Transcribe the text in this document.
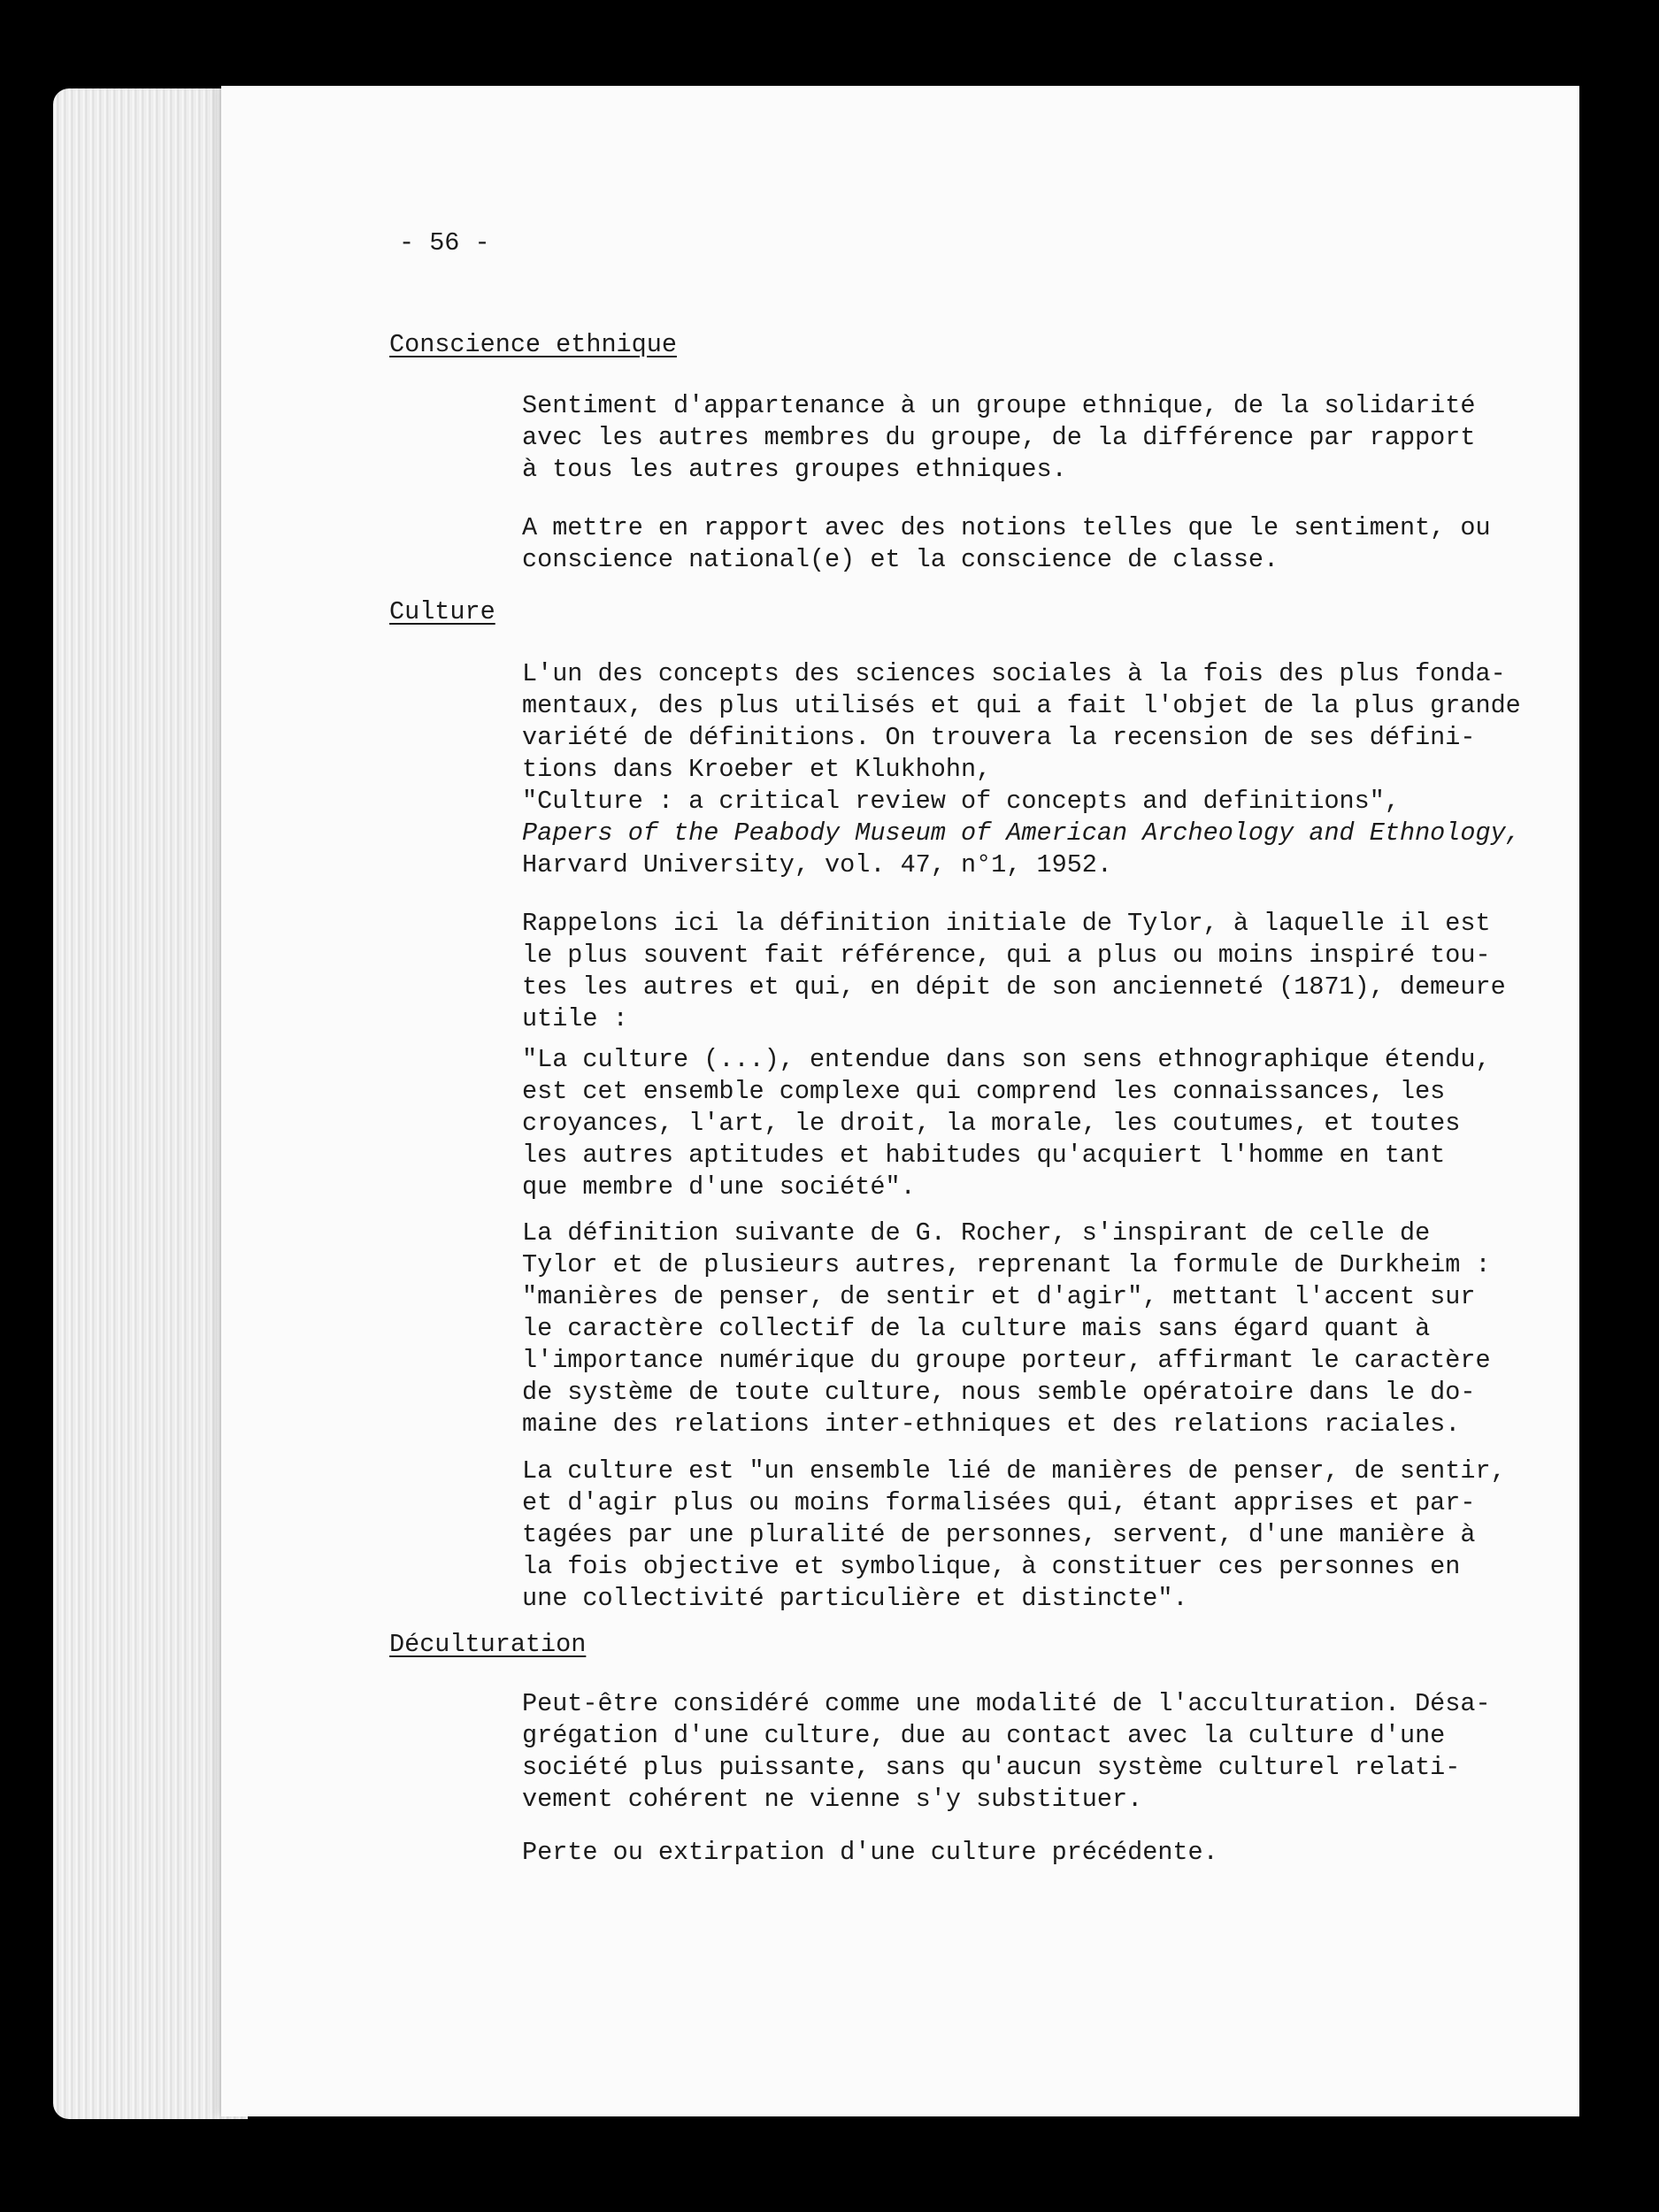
- 56 -
Conscience ethnique
Sentiment d'appartenance à un groupe ethnique, de la solidarité
avec les autres membres du groupe, de la différence par rapport
à tous les autres groupes ethniques.
A mettre en rapport avec des notions telles que le sentiment, ou
conscience national(e) et la conscience de classe.
Culture
L'un des concepts des sciences sociales à la fois des plus fonda-
mentaux, des plus utilisés et qui a fait l'objet de la plus grande
variété de définitions. On trouvera la recension de ses défini-
tions dans Kroeber et Klukhohn,
"Culture : a critical review of concepts and definitions",
Papers of the Peabody Museum of American Archeology and Ethnology,
Harvard University, vol. 47, n°1, 1952.
Rappelons ici la définition initiale de Tylor, à laquelle il est
le plus souvent fait référence, qui a plus ou moins inspiré tou-
tes les autres et qui, en dépit de son ancienneté (1871), demeure
utile :
"La culture (...), entendue dans son sens ethnographique étendu,
est cet ensemble complexe qui comprend les connaissances, les
croyances, l'art, le droit, la morale, les coutumes, et toutes
les autres aptitudes et habitudes qu'acquiert l'homme en tant
que membre d'une société".
La définition suivante de G. Rocher, s'inspirant de celle de
Tylor et de plusieurs autres, reprenant la formule de Durkheim :
"manières de penser, de sentir et d'agir", mettant l'accent sur
le caractère collectif de la culture mais sans égard quant à
l'importance numérique du groupe porteur, affirmant le caractère
de système de toute culture, nous semble opératoire dans le do-
maine des relations inter-ethniques et des relations raciales.
La culture est "un ensemble lié de manières de penser, de sentir,
et d'agir plus ou moins formalisées qui, étant apprises et par-
tagées par une pluralité de personnes, servent, d'une manière à
la fois objective et symbolique, à constituer ces personnes en
une collectivité particulière et distincte".
Déculturation
Peut-être considéré comme une modalité de l'acculturation. Désa-
grégation d'une culture, due au contact avec la culture d'une
société plus puissante, sans qu'aucun système culturel relati-
vement cohérent ne vienne s'y substituer.
Perte ou extirpation d'une culture précédente.
